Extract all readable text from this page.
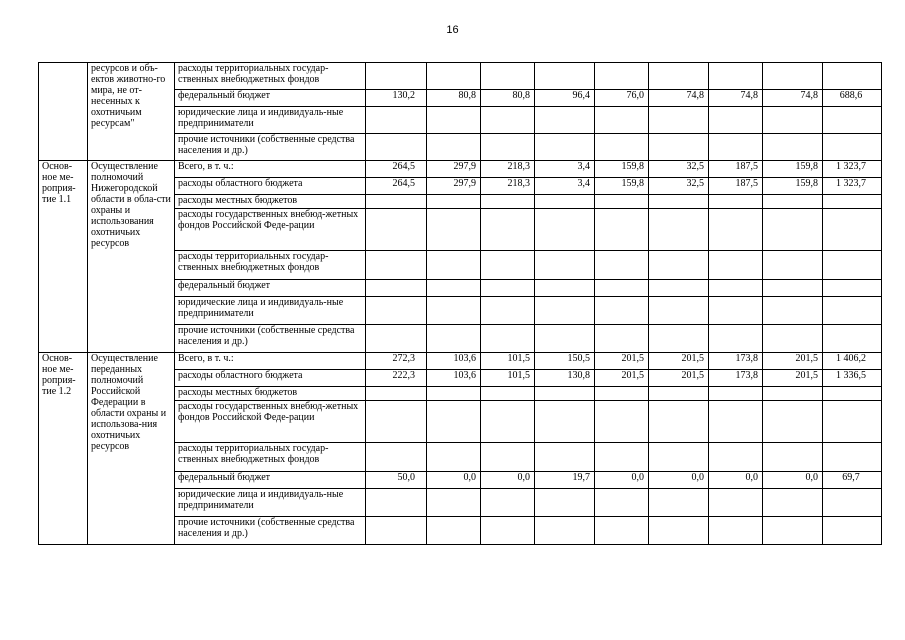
16
	ресурсов и объ-ектов животно-го мира, не от-несенных к охотничьим ресурсам"	расходы территориальных государ-ственных внебюджетных фондов									
		федеральный бюджет	130,2	80,8	80,8	96,4	76,0	74,8	74,8	74,8	688,6
		юридические лица и индивидуаль-ные предприниматели									
		прочие источники (собственные средства населения и др.)									
Основ-ное ме-роприя-тие 1.1	Осуществление полномочий Нижегородской области в обла-сти охраны и использования охотничьих ресурсов	Всего, в т. ч.:	264,5	297,9	218,3	3,4	159,8	32,5	187,5	159,8	1 323,7
		расходы областного бюджета	264,5	297,9	218,3	3,4	159,8	32,5	187,5	159,8	1 323,7
		расходы местных бюджетов									
		расходы государственных внебюд-жетных фондов Российской Феде-рации									
		расходы территориальных государ-ственных внебюджетных фондов									
		федеральный бюджет									
		юридические лица и индивидуаль-ные предприниматели									
		прочие источники (собственные средства населения и др.)									
Основ-ное ме-роприя-тие 1.2	Осуществление переданных полномочий Российской Федерации в области охраны и использова-ния охотничьих ресурсов	Всего, в т. ч.:	272,3	103,6	101,5	150,5	201,5	201,5	173,8	201,5	1 406,2
		расходы областного бюджета	222,3	103,6	101,5	130,8	201,5	201,5	173,8	201,5	1 336,5
		расходы местных бюджетов									
		расходы государственных внебюд-жетных фондов Российской Феде-рации									
		расходы территориальных государ-ственных внебюджетных фондов									
		федеральный бюджет	50,0	0,0	0,0	19,7	0,0	0,0	0,0	0,0	69,7
		юридические лица и индивидуаль-ные предприниматели									
		прочие источники (собственные средства населения и др.)									
